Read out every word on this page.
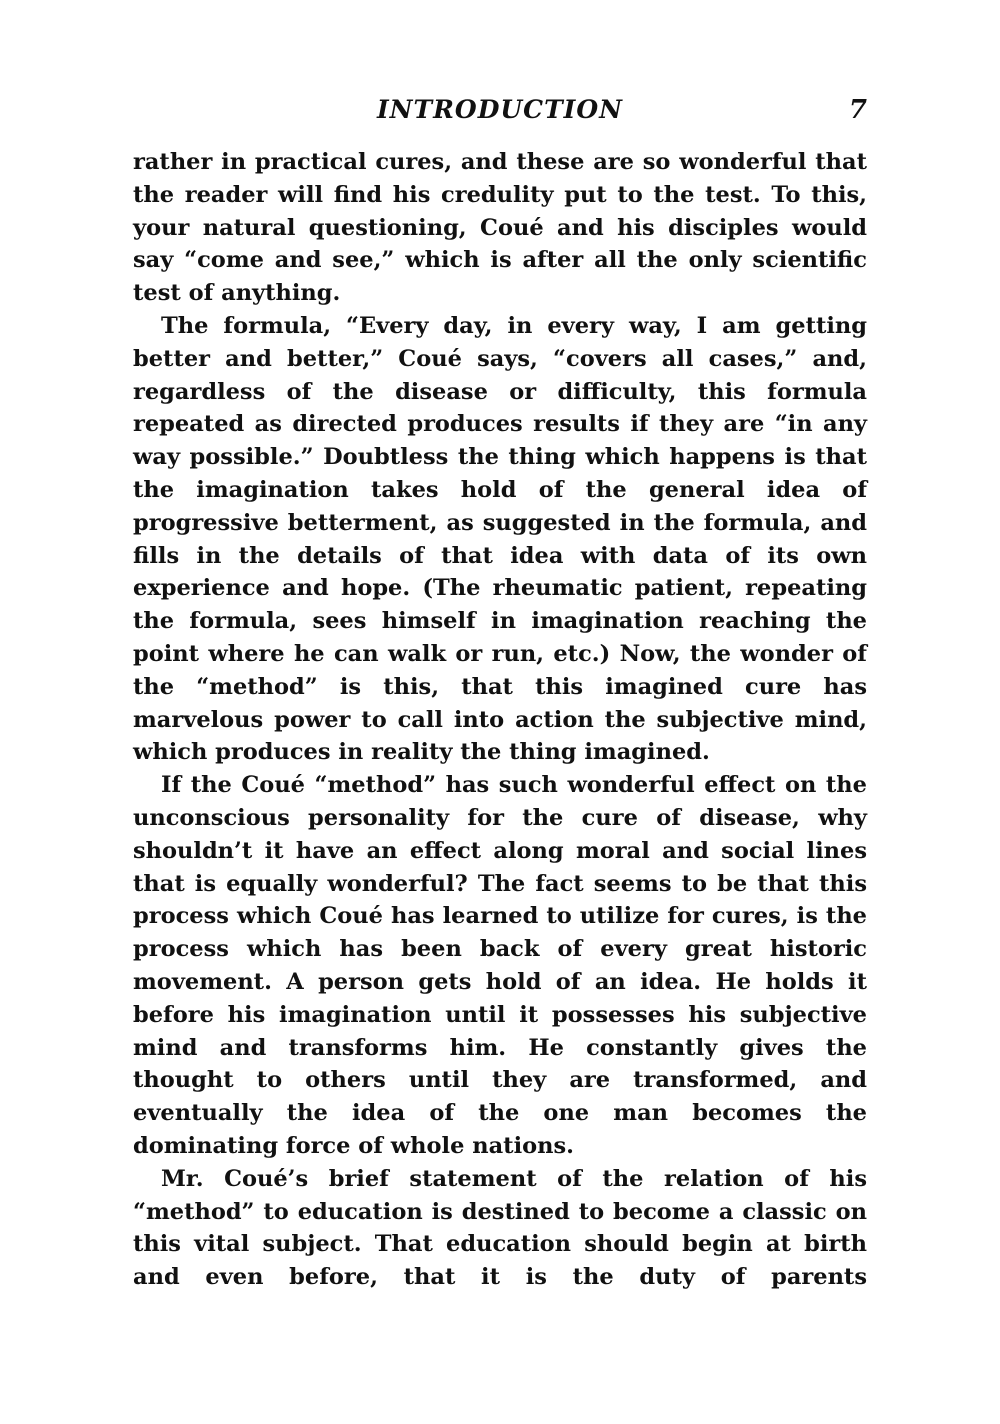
INTRODUCTION	7

rather in practical cures, and these are so wonderful that the reader will find his credulity put to the test. To this, your natural questioning, Coué and his disciples would say “come and see,” which is after all the only scientific test of anything.

The formula, “Every day, in every way, I am getting better and better,” Coué says, “covers all cases,” and, regardless of the disease or difficulty, this formula repeated as directed produces results if they are “in any way possible.” Doubtless the thing which happens is that the imagination takes hold of the general idea of progressive betterment, as suggested in the formula, and fills in the details of that idea with data of its own experience and hope. (The rheumatic patient, repeating the formula, sees himself in imagination reaching the point where he can walk or run, etc.) Now, the wonder of the “method” is this, that this imagined cure has marvelous power to call into action the subjective mind, which produces in reality the thing imagined.

If the Coué “method” has such wonderful effect on the unconscious personality for the cure of disease, why shouldn’t it have an effect along moral and social lines that is equally wonderful? The fact seems to be that this process which Coué has learned to utilize for cures, is the process which has been back of every great historic movement. A person gets hold of an idea. He holds it before his imagination until it possesses his subjective mind and transforms him. He constantly gives the thought to others until they are transformed, and eventually the idea of the one man becomes the dominating force of whole nations.

Mr. Coué’s brief statement of the relation of his “method” to education is destined to become a classic on this vital subject. That education should begin at birth and even before, that it is the duty of parents
